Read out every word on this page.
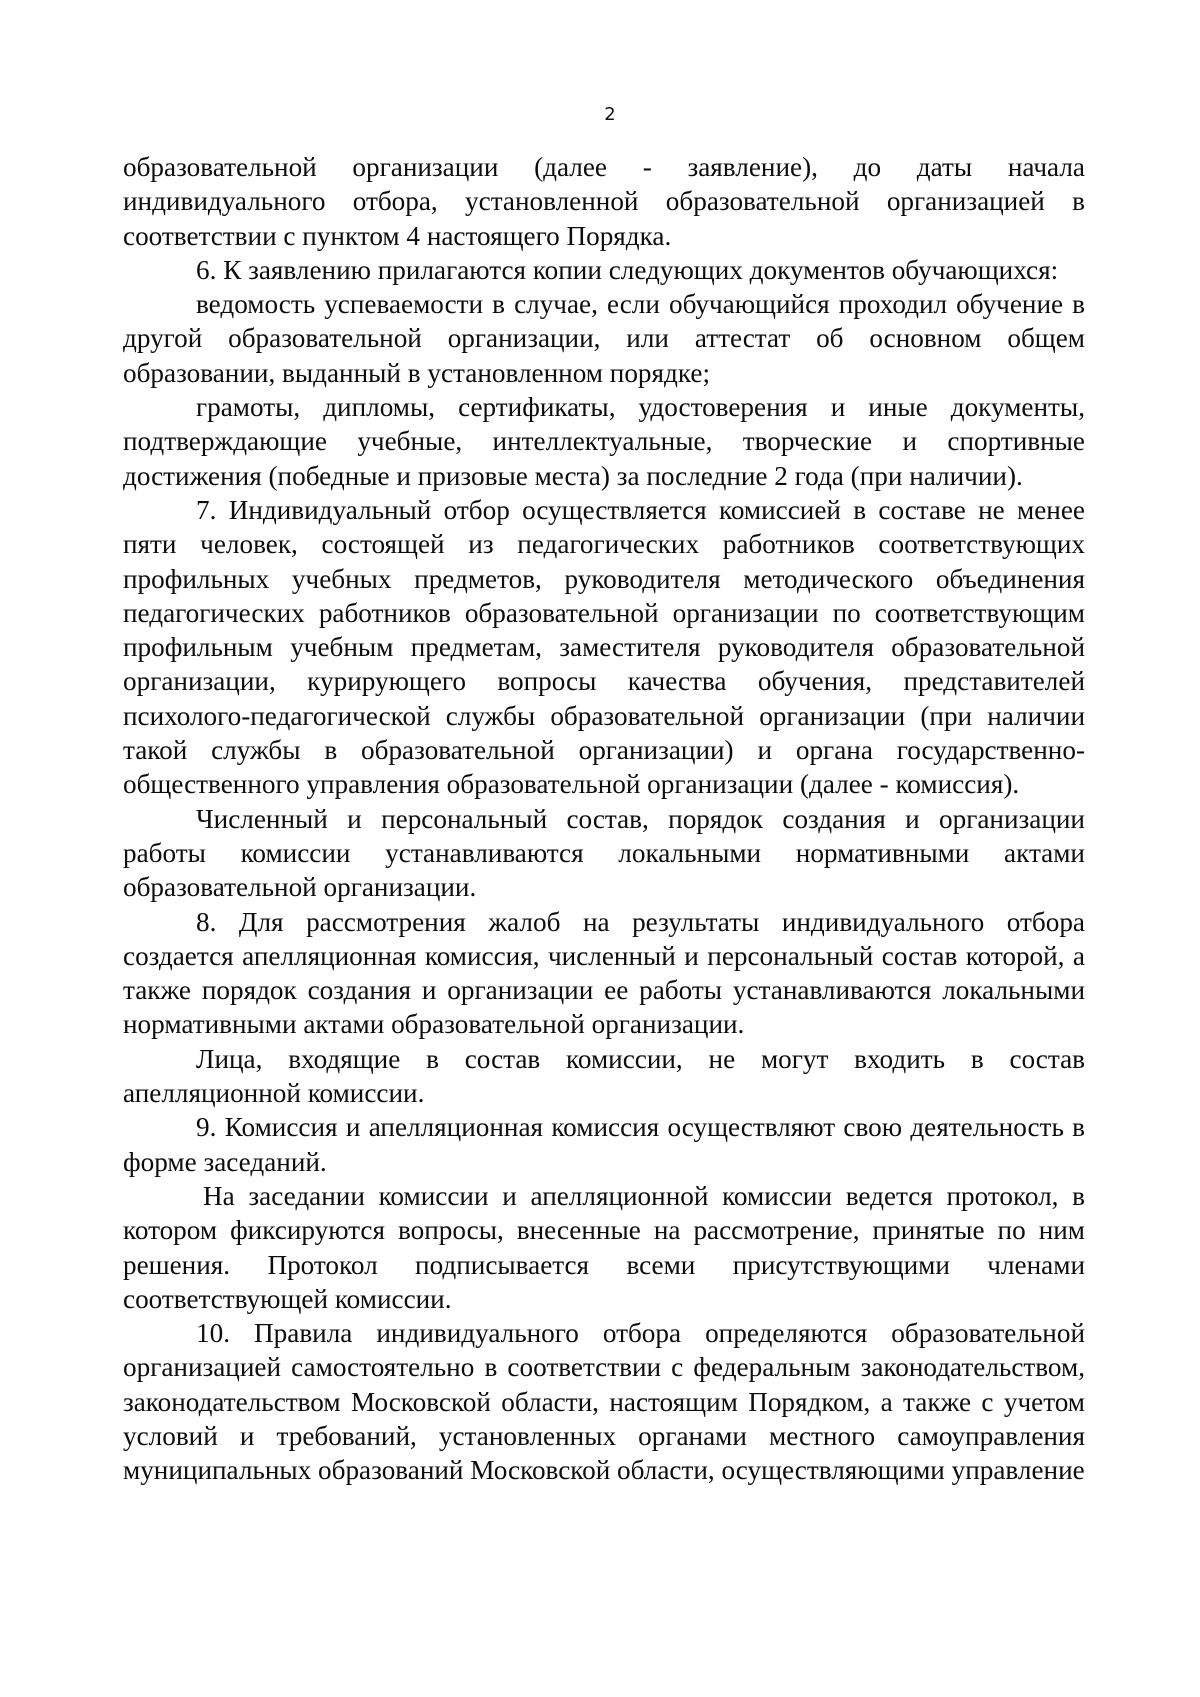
2

образовательной организации (далее - заявление), до даты начала индивидуального отбора, установленной образовательной организацией в соответствии с пунктом 4 настоящего Порядка.

6. К заявлению прилагаются копии следующих документов обучающихся:

ведомость успеваемости в случае, если обучающийся проходил обучение в другой образовательной организации, или аттестат об основном общем образовании, выданный в установленном порядке;

грамоты, дипломы, сертификаты, удостоверения и иные документы, подтверждающие учебные, интеллектуальные, творческие и спортивные достижения (победные и призовые места) за последние 2 года (при наличии).

7. Индивидуальный отбор осуществляется комиссией в составе не менее пяти человек, состоящей из педагогических работников соответствующих профильных учебных предметов, руководителя методического объединения педагогических работников образовательной организации по соответствующим профильным учебным предметам, заместителя руководителя образовательной организации, курирующего вопросы качества обучения, представителей психолого-педагогической службы образовательной организации (при наличии такой службы в образовательной организации) и органа государственно-общественного управления образовательной организации (далее - комиссия).

Численный и персональный состав, порядок создания и организации работы комиссии устанавливаются локальными нормативными актами образовательной организации.

8. Для рассмотрения жалоб на результаты индивидуального отбора создается апелляционная комиссия, численный и персональный состав которой, а также порядок создания и организации ее работы устанавливаются локальными нормативными актами образовательной организации.

Лица, входящие в состав комиссии, не могут входить в состав апелляционной комиссии.

9. Комиссия и апелляционная комиссия осуществляют свою деятельность в форме заседаний.

На заседании комиссии и апелляционной комиссии ведется протокол, в котором фиксируются вопросы, внесенные на рассмотрение, принятые по ним решения. Протокол подписывается всеми присутствующими членами соответствующей комиссии.

10. Правила индивидуального отбора определяются образовательной организацией самостоятельно в соответствии с федеральным законодательством, законодательством Московской области, настоящим Порядком, а также с учетом условий и требований, установленных органами местного самоуправления муниципальных образований Московской области, осуществляющими управление
